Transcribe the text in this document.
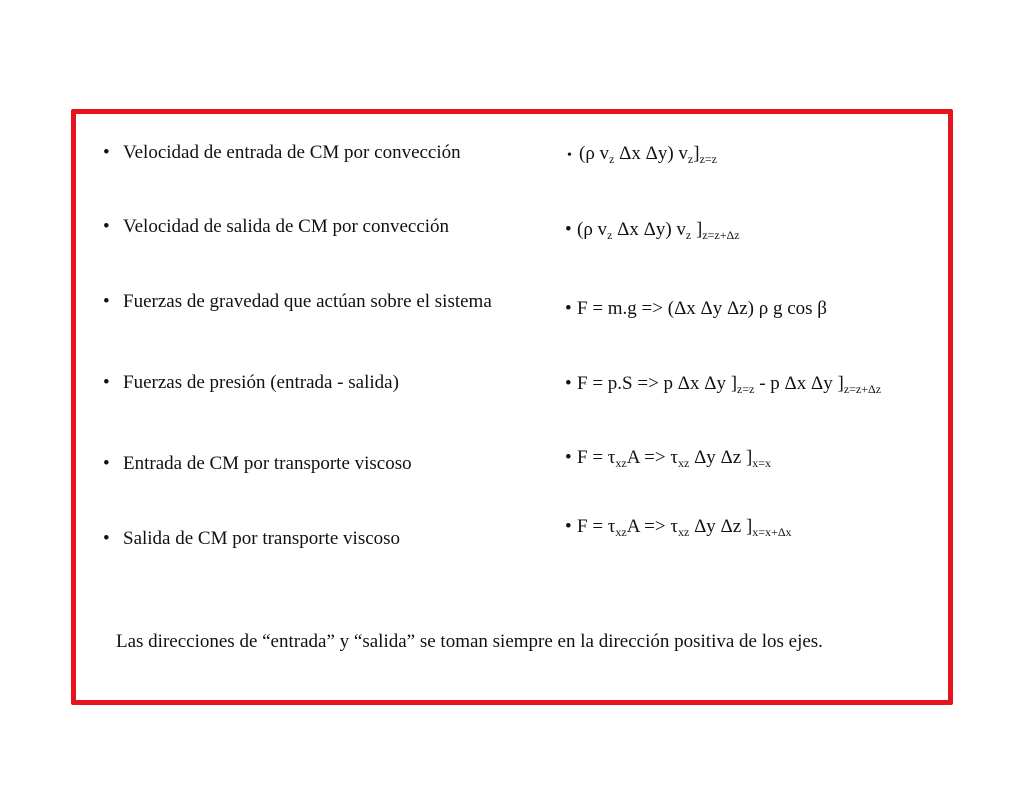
• Velocidad de entrada de CM por convección
• Velocidad de salida de CM por convección
• Fuerzas de gravedad que actúan sobre el sistema
• Fuerzas de presión (entrada - salida)
• Entrada de CM por transporte viscoso
• Salida de CM por transporte viscoso
• (ρ $v_z$ Δx Δy) $v_z]_{z=z}$
• (ρ $v_z$ Δx Δy) $v_z$ ]$_{z=z+\Delta z}$
• F = m.g => (Δx Δy Δz) ρ g cos β
• F = p.S => p Δx Δy ]$_{z=z}$ - p Δx Δy ]$_{z=z+\Delta z}$
• $F = \tau_{xz}A => \tau_{xz}$ Δy Δz ]$_{x=x}$
• $F = \tau_{xz}A => \tau_{xz}$ Δy Δz ]$_{x=x+\Delta x}$
Las direcciones de “entrada” y “salida” se toman siempre en la dirección positiva de los ejes.
